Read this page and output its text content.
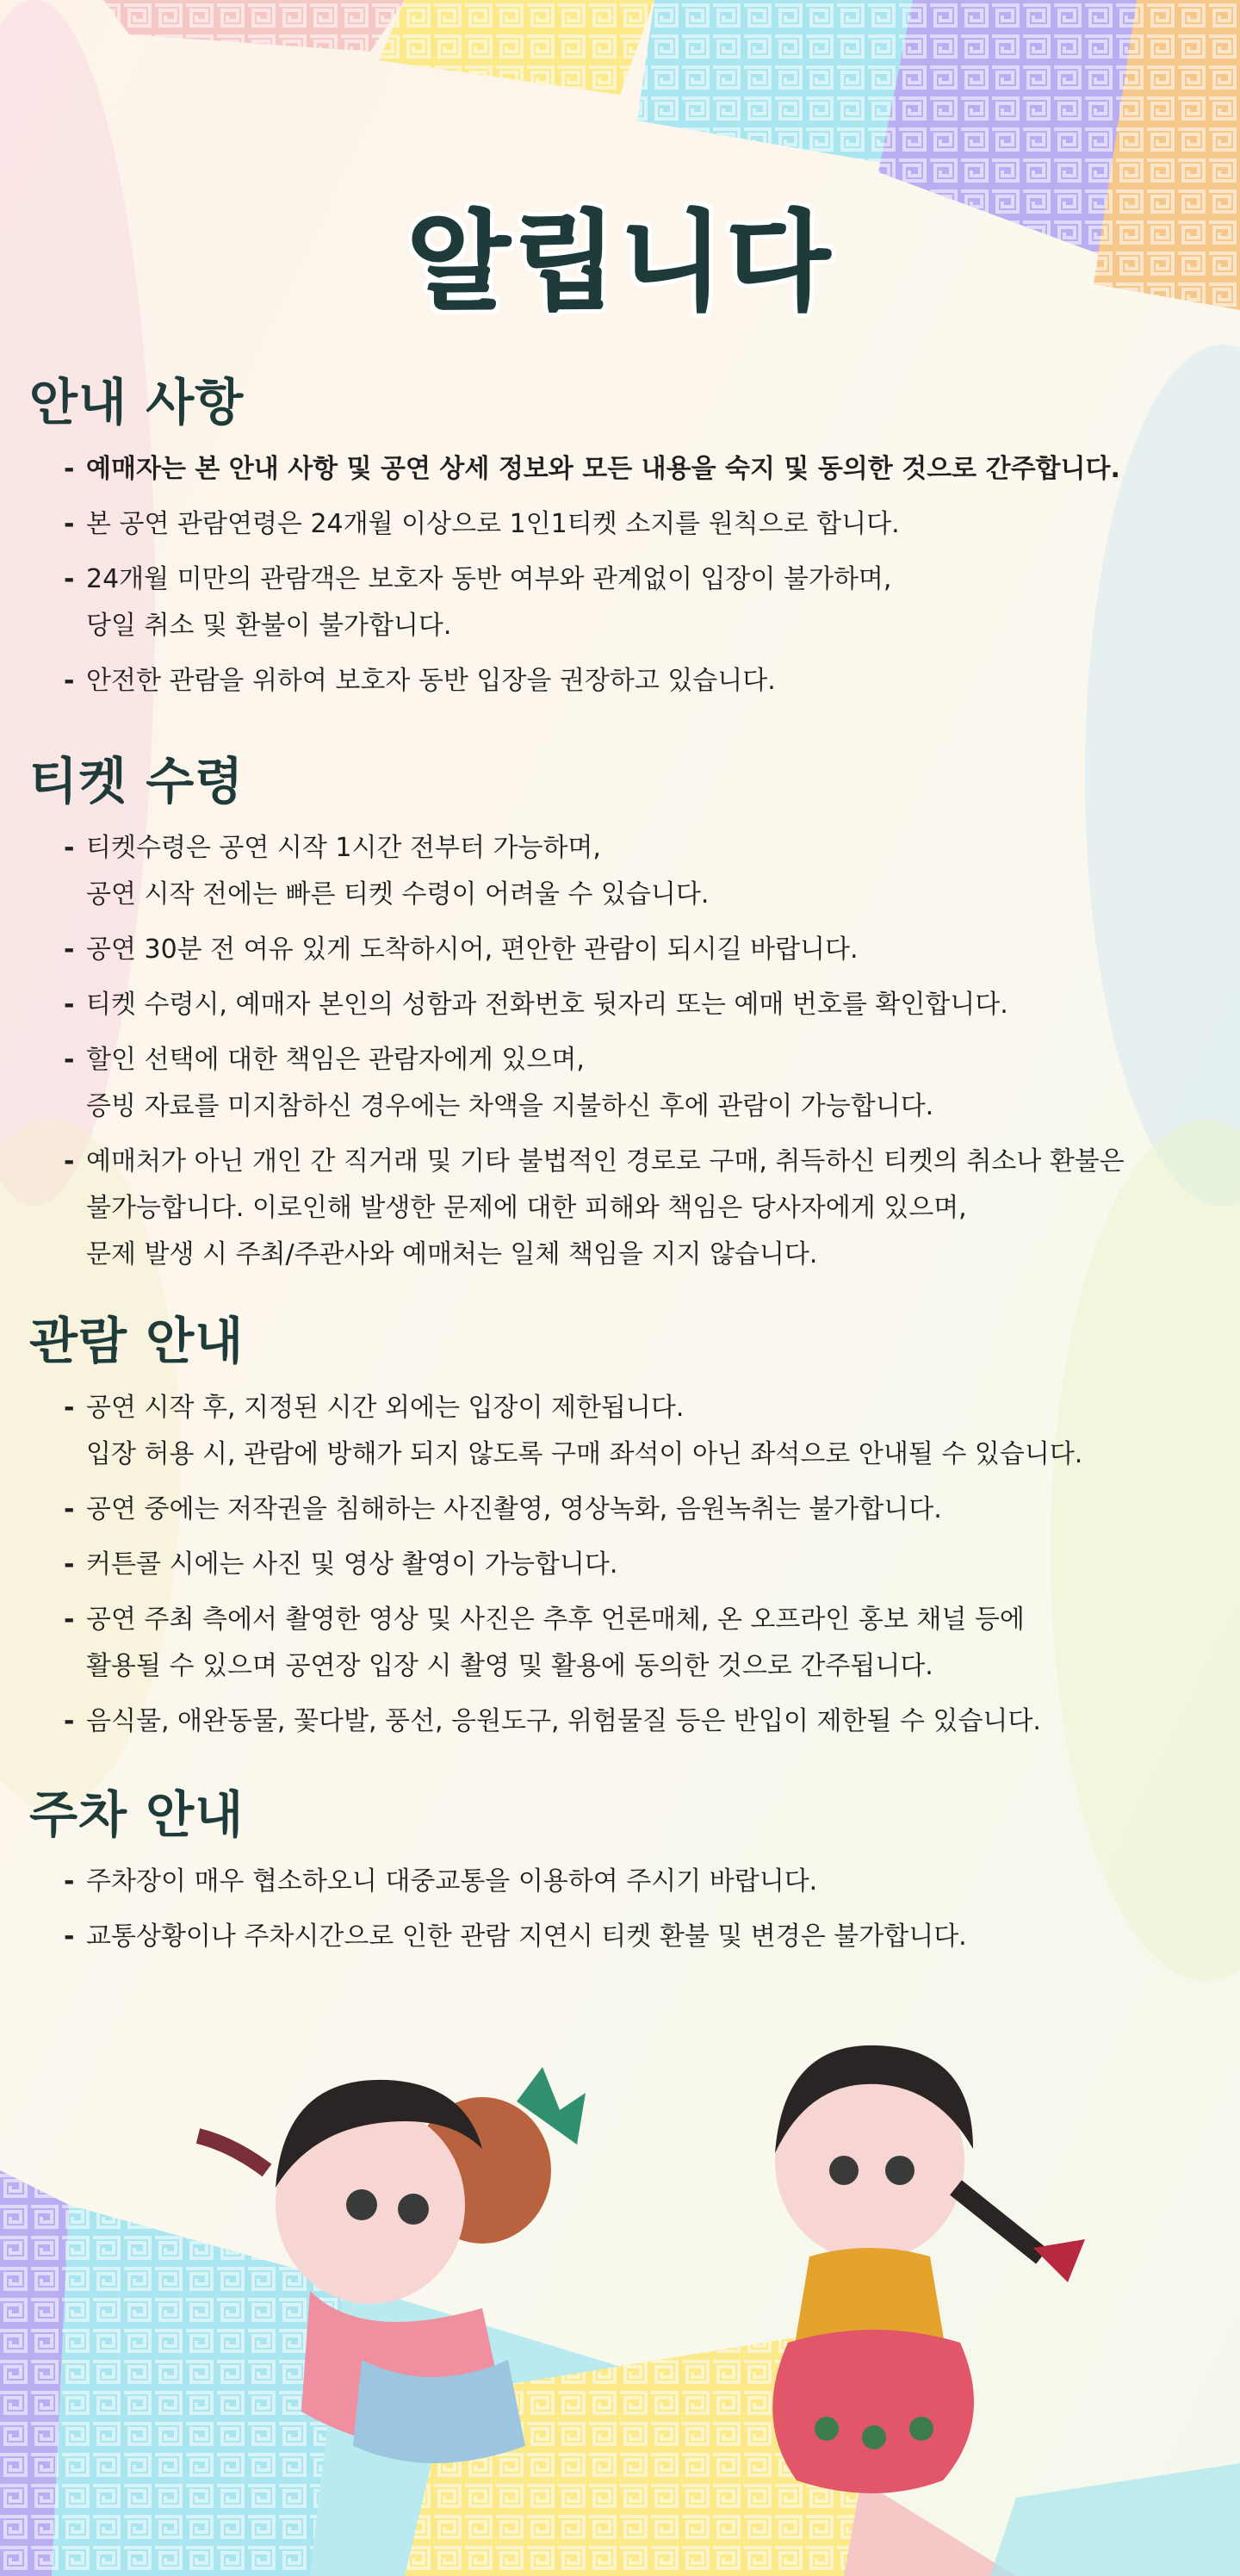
알립니다
안내 사항
- 예매자는 본 안내 사항 및 공연 상세 정보와 모든 내용을 숙지 및 동의한 것으로 간주합니다.
- 본 공연 관람연령은 24개월 이상으로 1인1티켓 소지를 원칙으로 합니다.
- 24개월 미만의 관람객은 보호자 동반 여부와 관계없이 입장이 불가하며,
당일 취소 및 환불이 불가합니다.
- 안전한 관람을 위하여 보호자 동반 입장을 권장하고 있습니다.
티켓 수령
- 티켓수령은 공연 시작 1시간 전부터 가능하며,
공연 시작 전에는 빠른 티켓 수령이 어려울 수 있습니다.
- 공연 30분 전 여유 있게 도착하시어, 편안한 관람이 되시길 바랍니다.
- 티켓 수령시, 예매자 본인의 성함과 전화번호 뒷자리 또는 예매 번호를 확인합니다.
- 할인 선택에 대한 책임은 관람자에게 있으며,
증빙 자료를 미지참하신 경우에는 차액을 지불하신 후에 관람이 가능합니다.
- 예매처가 아닌 개인 간 직거래 및 기타 불법적인 경로로 구매, 취득하신 티켓의 취소나 환불은
불가능합니다. 이로인해 발생한 문제에 대한 피해와 책임은 당사자에게 있으며,
문제 발생 시 주최/주관사와 예매처는 일체 책임을 지지 않습니다.
관람 안내
- 공연 시작 후, 지정된 시간 외에는 입장이 제한됩니다.
입장 허용 시, 관람에 방해가 되지 않도록 구매 좌석이 아닌 좌석으로 안내될 수 있습니다.
- 공연 중에는 저작권을 침해하는 사진촬영, 영상녹화, 음원녹취는 불가합니다.
- 커튼콜 시에는 사진 및 영상 촬영이 가능합니다.
- 공연 주최 측에서 촬영한 영상 및 사진은 추후 언론매체, 온 오프라인 홍보 채널 등에
활용될 수 있으며 공연장 입장 시 촬영 및 활용에 동의한 것으로 간주됩니다.
- 음식물, 애완동물, 꽃다발, 풍선, 응원도구, 위험물질 등은 반입이 제한될 수 있습니다.
주차 안내
- 주차장이 매우 협소하오니 대중교통을 이용하여 주시기 바랍니다.
- 교통상황이나 주차시간으로 인한 관람 지연시 티켓 환불 및 변경은 불가합니다.
